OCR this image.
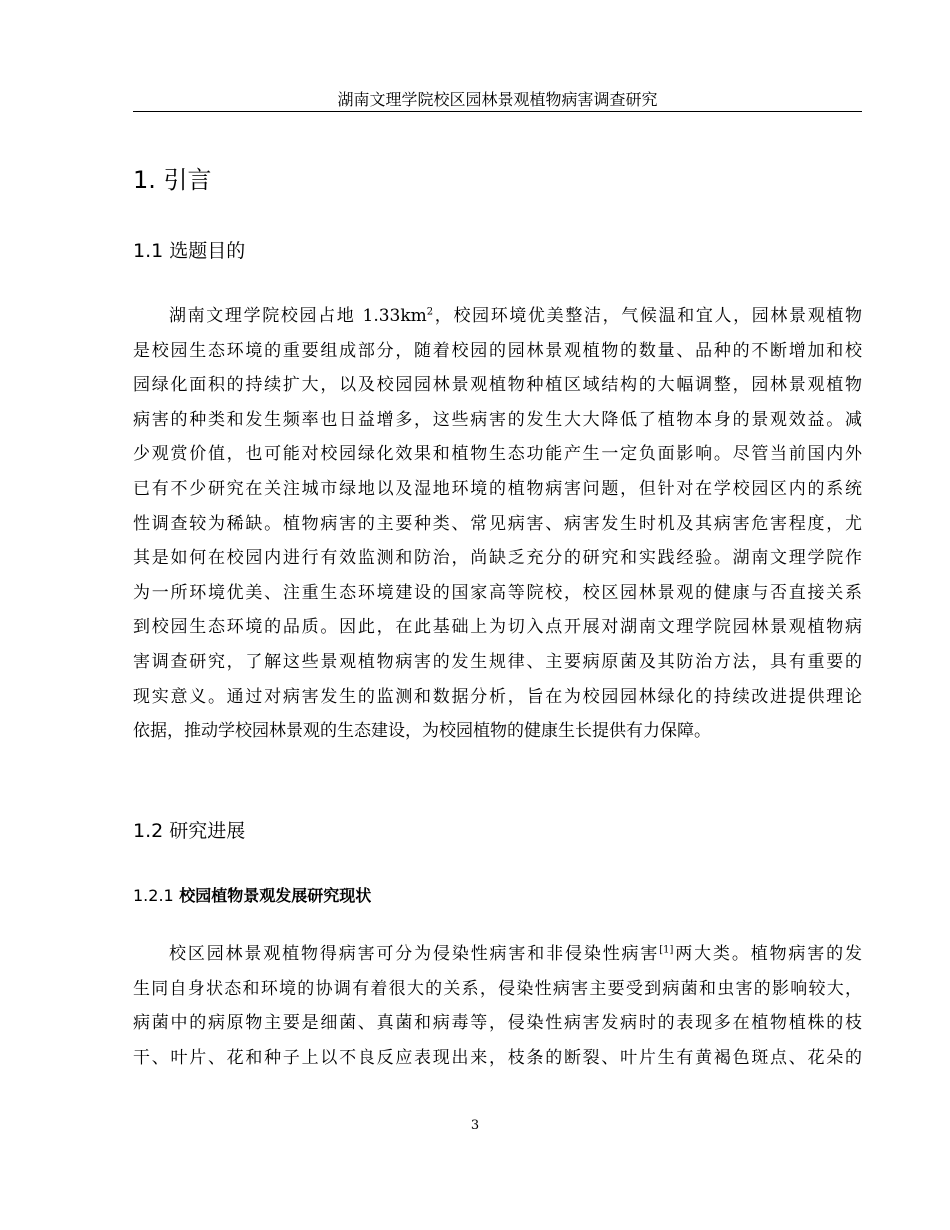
湖南文理学院校区园林景观植物病害调查研究
1. 引言
1.1 选题目的
湖南文理学院校园占地 $1.33km^2$，校园环境优美整洁，气候温和宜人，园林景观植物
是校园生态环境的重要组成部分，随着校园的园林景观植物的数量、品种的不断增加和校
园绿化面积的持续扩大，以及校园园林景观植物种植区域结构的大幅调整，园林景观植物
病害的种类和发生频率也日益增多，这些病害的发生大大降低了植物本身的景观效益。减
少观赏价值，也可能对校园绿化效果和植物生态功能产生一定负面影响。尽管当前国内外
已有不少研究在关注城市绿地以及湿地环境的植物病害问题，但针对在学校园区内的系统
性调查较为稀缺。植物病害的主要种类、常见病害、病害发生时机及其病害危害程度，尤
其是如何在校园内进行有效监测和防治，尚缺乏充分的研究和实践经验。湖南文理学院作
为一所环境优美、注重生态环境建设的国家高等院校，校区园林景观的健康与否直接关系
到校园生态环境的品质。因此，在此基础上为切入点开展对湖南文理学院园林景观植物病
害调查研究，了解这些景观植物病害的发生规律、主要病原菌及其防治方法，具有重要的
现实意义。通过对病害发生的监测和数据分析，旨在为校园园林绿化的持续改进提供理论
依据，推动学校园林景观的生态建设，为校园植物的健康生长提供有力保障。
1.2 研究进展
1.2.1 校园植物景观发展研究现状
校区园林景观植物得病害可分为侵染性病害和非侵染性病害[1]两大类。植物病害的发
生同自身状态和环境的协调有着很大的关系，侵染性病害主要受到病菌和虫害的影响较大，
病菌中的病原物主要是细菌、真菌和病毒等，侵染性病害发病时的表现多在植物植株的枝
干、叶片、花和种子上以不良反应表现出来，枝条的断裂、叶片生有黄褐色斑点、花朵的
3
